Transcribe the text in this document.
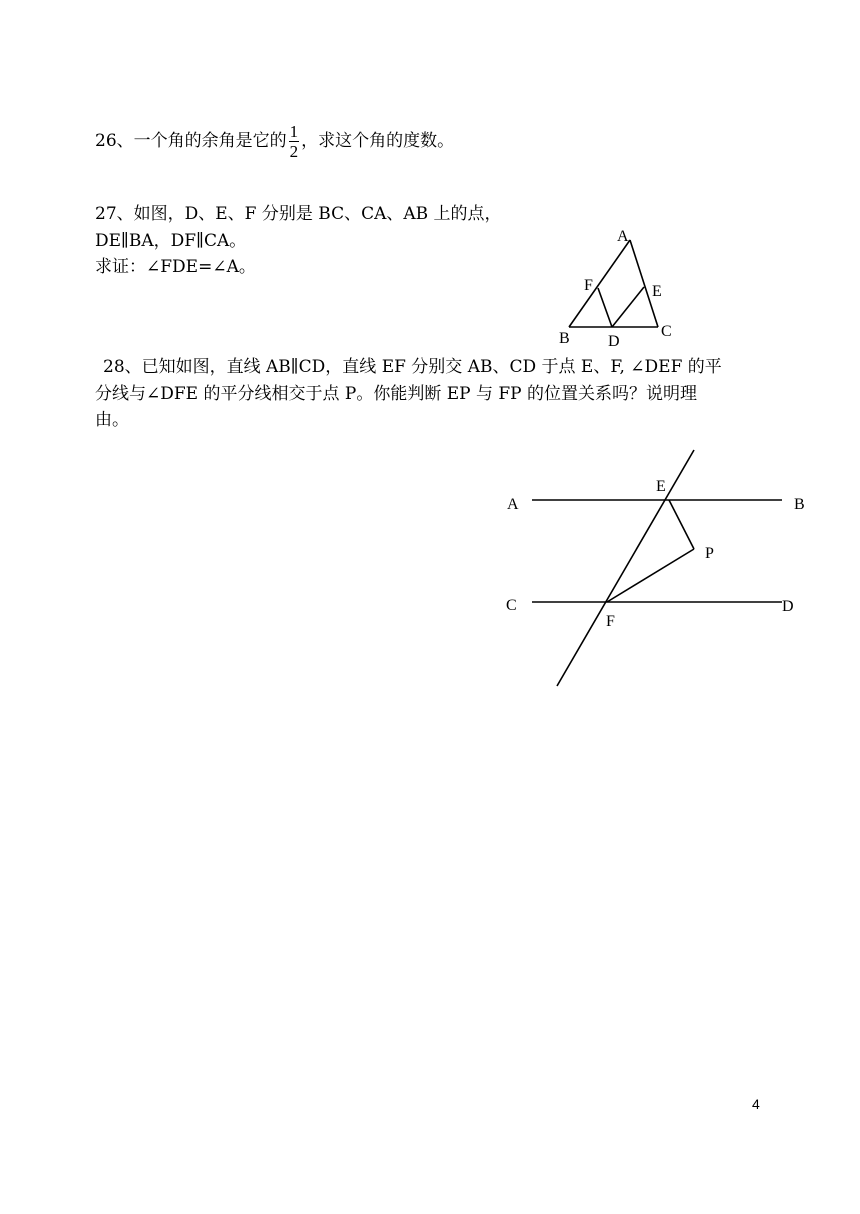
26、一个角的余角是它的 $\frac{1}{2}$ ，求这个角的度数。
27、如图，D、E、F 分别是 BC、CA、AB 上的点，
DE∥BA，DF∥CA。
求证：∠FDE=∠A。
A
F	E
B D
C
28、已知如图，直线 AB∥CD，直线 EF 分别交 AB、CD 于点 E、F, ∠DEF 的平
分线与∠DFE 的平分线相交于点 P。你能判断 EP 与 FP 的位置关系吗？说明理
由。
A	B
E
P
C	D
F
4
